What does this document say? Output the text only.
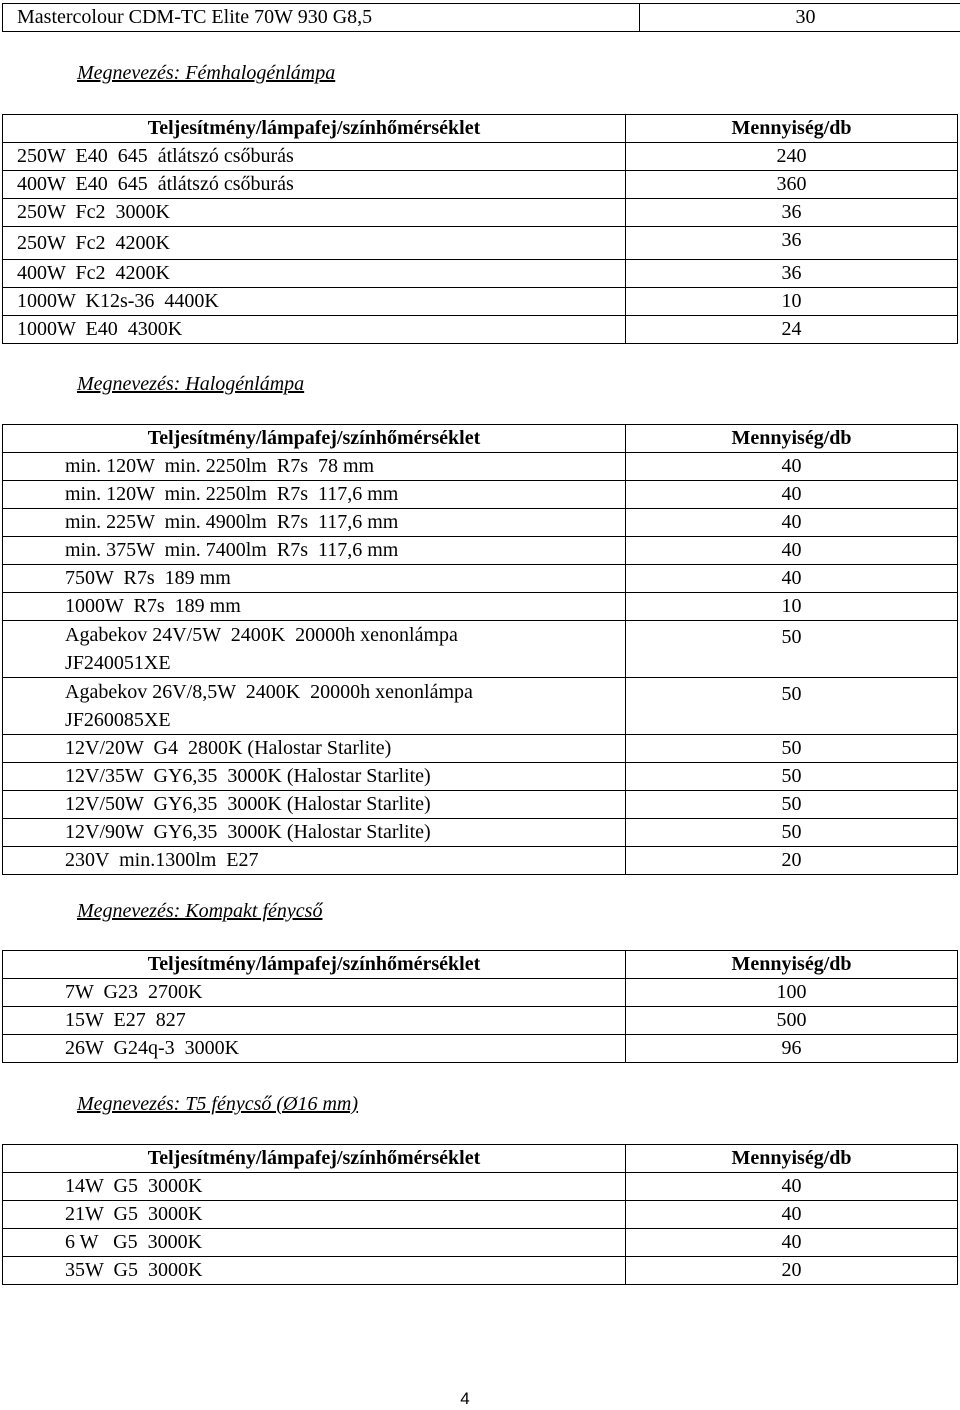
Mastercolour CDM-TC Elite 70W 930 G8,5	30
Megnevezés: Fémhalogénlámpa
Teljesítmény/lámpafej/színhőmérséklet	Mennyiség/db
250W  E40  645  átlátszó csőburás	240
400W  E40  645  átlátszó csőburás	360
250W  Fc2  3000K	36
250W  Fc2  4200K	36
400W  Fc2  4200K	36
1000W  K12s-36  4400K	10
1000W  E40  4300K	24
Megnevezés: Halogénlámpa
Teljesítmény/lámpafej/színhőmérséklet	Mennyiség/db
min. 120W  min. 2250lm  R7s  78 mm	40
min. 120W  min. 2250lm  R7s  117,6 mm	40
min. 225W  min. 4900lm  R7s  117,6 mm	40
min. 375W  min. 7400lm  R7s  117,6 mm	40
750W  R7s  189 mm	40
1000W  R7s  189 mm	10

Agabekov 24V/5W  2400K  20000h xenonlámpa
JF240051XE	50

Agabekov 26V/8,5W  2400K  20000h xenonlámpa
JF260085XE	50
12V/20W  G4  2800K (Halostar Starlite)	50
12V/35W  GY6,35  3000K (Halostar Starlite)	50
12V/50W  GY6,35  3000K (Halostar Starlite)	50
12V/90W  GY6,35  3000K (Halostar Starlite)	50
230V  min.1300lm  E27	20
Megnevezés: Kompakt fénycső
Teljesítmény/lámpafej/színhőmérséklet	Mennyiség/db
7W  G23  2700K	100
15W  E27  827	500
26W  G24q-3  3000K	96
Megnevezés: T5 fénycső (Ø16 mm)
Teljesítmény/lámpafej/színhőmérséklet	Mennyiség/db
14W  G5  3000K	40
21W  G5  3000K	40
6 W   G5  3000K	40
35W  G5  3000K	20
4
